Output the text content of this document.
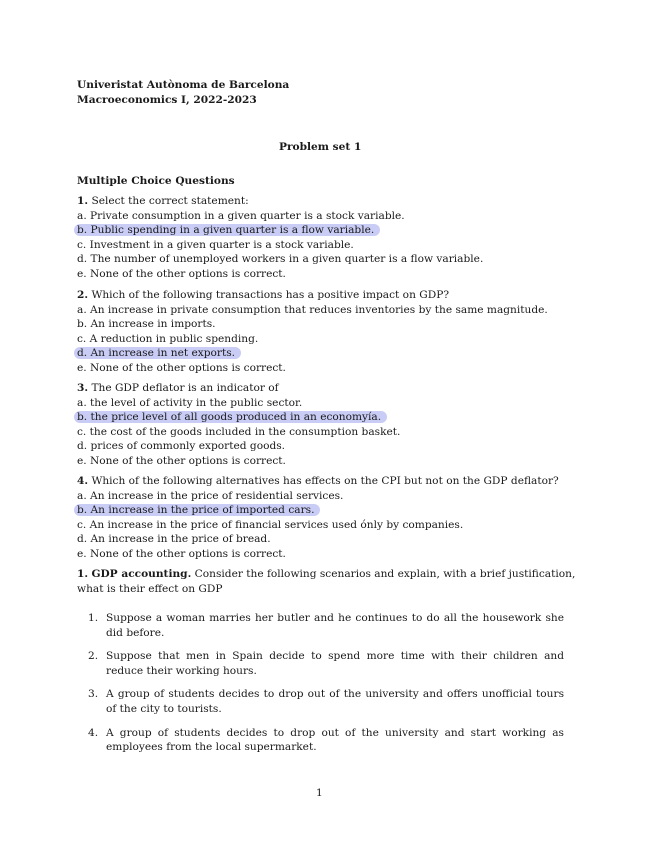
Univeristat Autònoma de Barcelona
Macroeconomics I, 2022-2023
Problem set 1
Multiple Choice Questions
1. Select the correct statement:
a. Private consumption in a given quarter is a stock variable.
b. Public spending in a given quarter is a flow variable.
c. Investment in a given quarter is a stock variable.
d. The number of unemployed workers in a given quarter is a flow variable.
e. None of the other options is correct.
2. Which of the following transactions has a positive impact on GDP?
a. An increase in private consumption that reduces inventories by the same magnitude.
b. An increase in imports.
c. A reduction in public spending.
d. An increase in net exports.
e. None of the other options is correct.
3. The GDP deflator is an indicator of
a. the level of activity in the public sector.
b. the price level of all goods produced in an economyía.
c. the cost of the goods included in the consumption basket.
d. prices of commonly exported goods.
e. None of the other options is correct.
4. Which of the following alternatives has effects on the CPI but not on the GDP deflator?
a. An increase in the price of residential services.
b. An increase in the price of imported cars.
c. An increase in the price of financial services used ónly by companies.
d. An increase in the price of bread.
e. None of the other options is correct.
1. GDP accounting. Consider the following scenarios and explain, with a brief justification,
what is their effect on GDP
1. Suppose a woman marries her butler and he continues to do all the housework she did before.
2. Suppose that men in Spain decide to spend more time with their children and reduce their working hours.
3. A group of students decides to drop out of the university and offers unofficial tours of the city to tourists.
4. A group of students decides to drop out of the university and start working as employees from the local supermarket.
1
